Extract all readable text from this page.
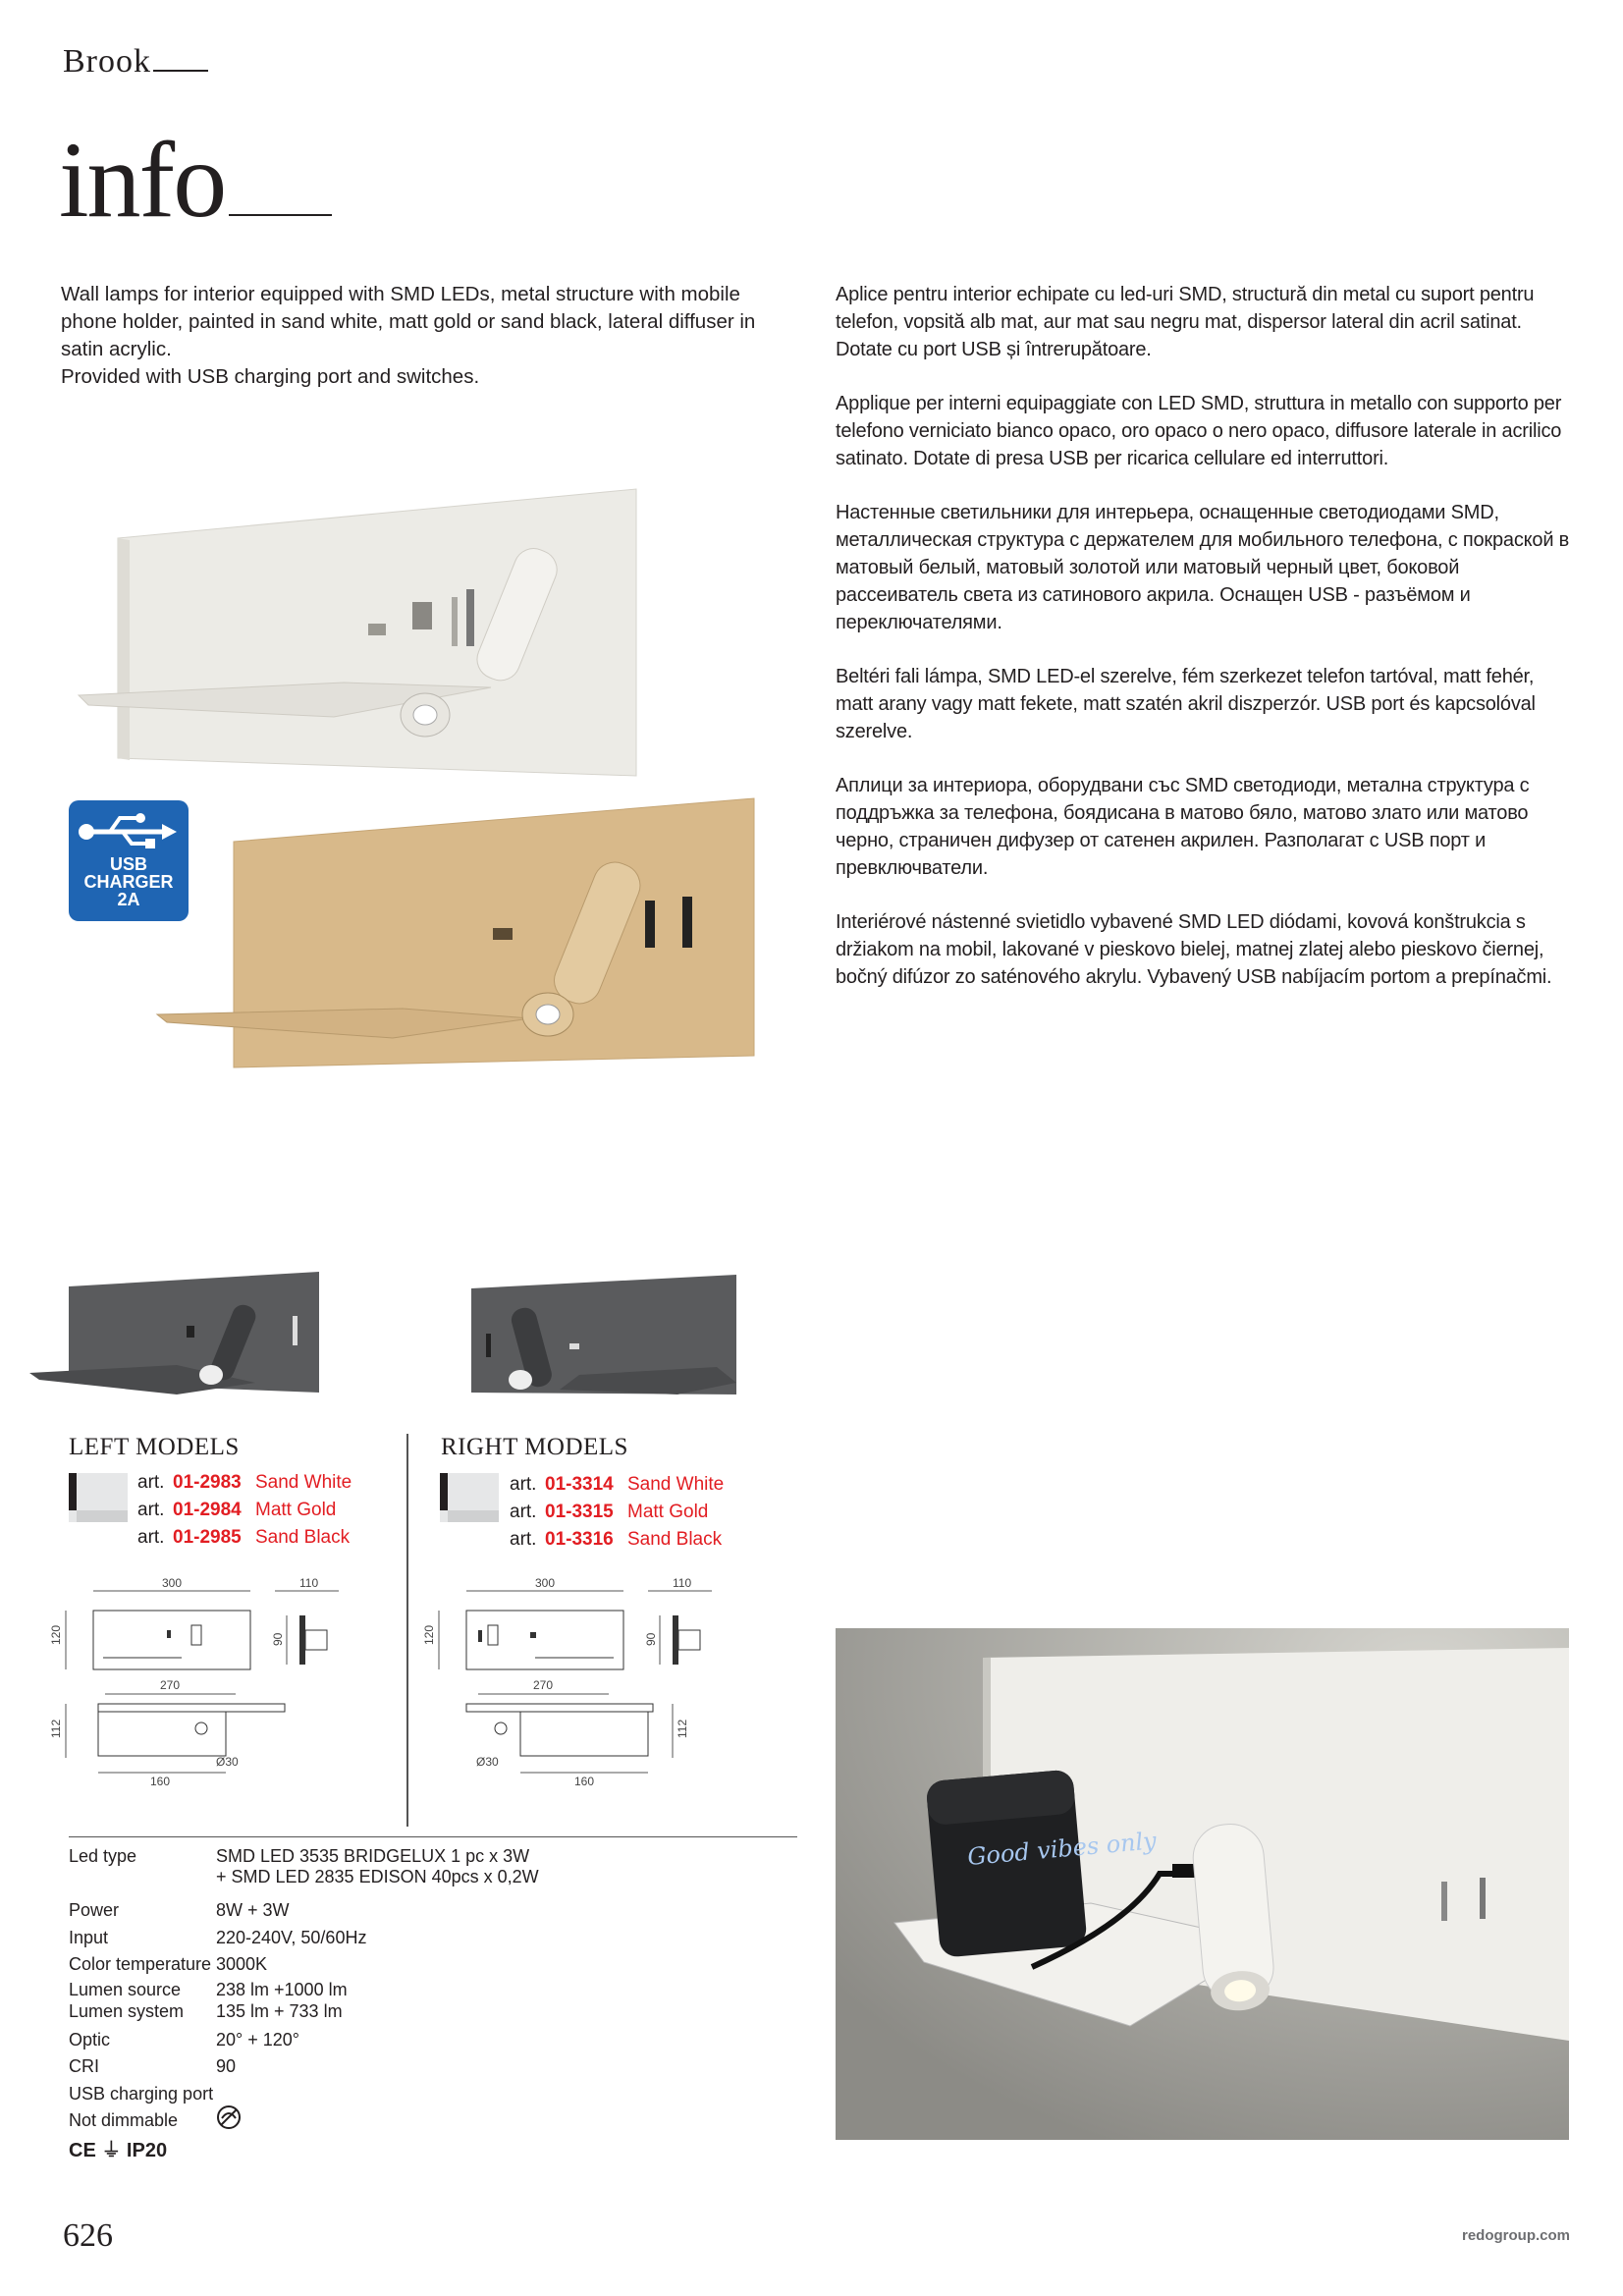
Brook
info

Wall lamps for interior equipped with SMD LEDs, metal structure with mobile phone holder, painted in sand white, matt gold or sand black, lateral diffuser in satin acrylic.

Provided with USB charging port and switches.

Aplice pentru interior echipate cu led-uri SMD, structură din metal cu suport pentru telefon, vopsită alb mat, aur mat sau negru mat, dispersor lateral din acril satinat. Dotate cu port USB și întrerupătoare.

Applique per interni equipaggiate con LED SMD, struttura in metallo con supporto per telefono verniciato bianco opaco, oro opaco o nero opaco, diffusore laterale in acrilico satinato. Dotate di presa USB per ricarica cellulare ed interruttori.

Настенные светильники для интерьера, оснащенные светодиодами SMD, металлическая структура с держателем для мобильного телефона, с покраской в матовый белый, матовый золотой или матовый черный цвет, боковой рассеиватель света из сатинового акрила. Оснащен USB - разъёмом и переключателями.

Beltéri fali lámpa, SMD LED-el szerelve, fém szerkezet telefon tartóval, matt fehér, matt arany vagy matt fekete, matt szatén akril diszperzór. USB port és kapcsolóval szerelve.

Аплици за интериора, оборудвани със SMD светодиоди, метална структура с поддръжка за телефона, боядисана в матово бяло, матово злато или матово черно, страничен дифузер от сатенен акрилен. Разполагат с USB порт и превключватели.

Interiérové nástenné svietidlo vybavené SMD LED diódami, kovová konštrukcia s držiakom na mobil, lakované v pieskovo bielej, matnej zlatej alebo pieskovo čiernej, bočný difúzor zo saténového akrylu. Vybavený USB nabíjacím portom a prepínačmi.

USB
CHARGER
2A
LEFT MODELS
art. 01-2983 Sand White
art. 01-2984 Matt Gold
art. 01-2985 Sand Black
RIGHT MODELS
art. 01-3314 Sand White
art. 01-3315 Matt Gold
art. 01-3316 Sand Black
300
120
270
Ø30
112
160
110
90
300
120
270
Ø30
112
160
110
90
Led type	SMD LED 3535 BRIDGELUX 1 pc x 3W
+ SMD LED 2835 EDISON 40pcs x 0,2W
Power	8W + 3W
Input	220-240V, 50/60Hz
Color temperature 3000K
Lumen source 238 lm +1000 lm
Lumen system 135 lm + 733 lm
Optic	20° + 120°
CRI	90
USB charging port
Not dimmable
CE ⏚ IP20
Good vibes only
626	redogroup.com
